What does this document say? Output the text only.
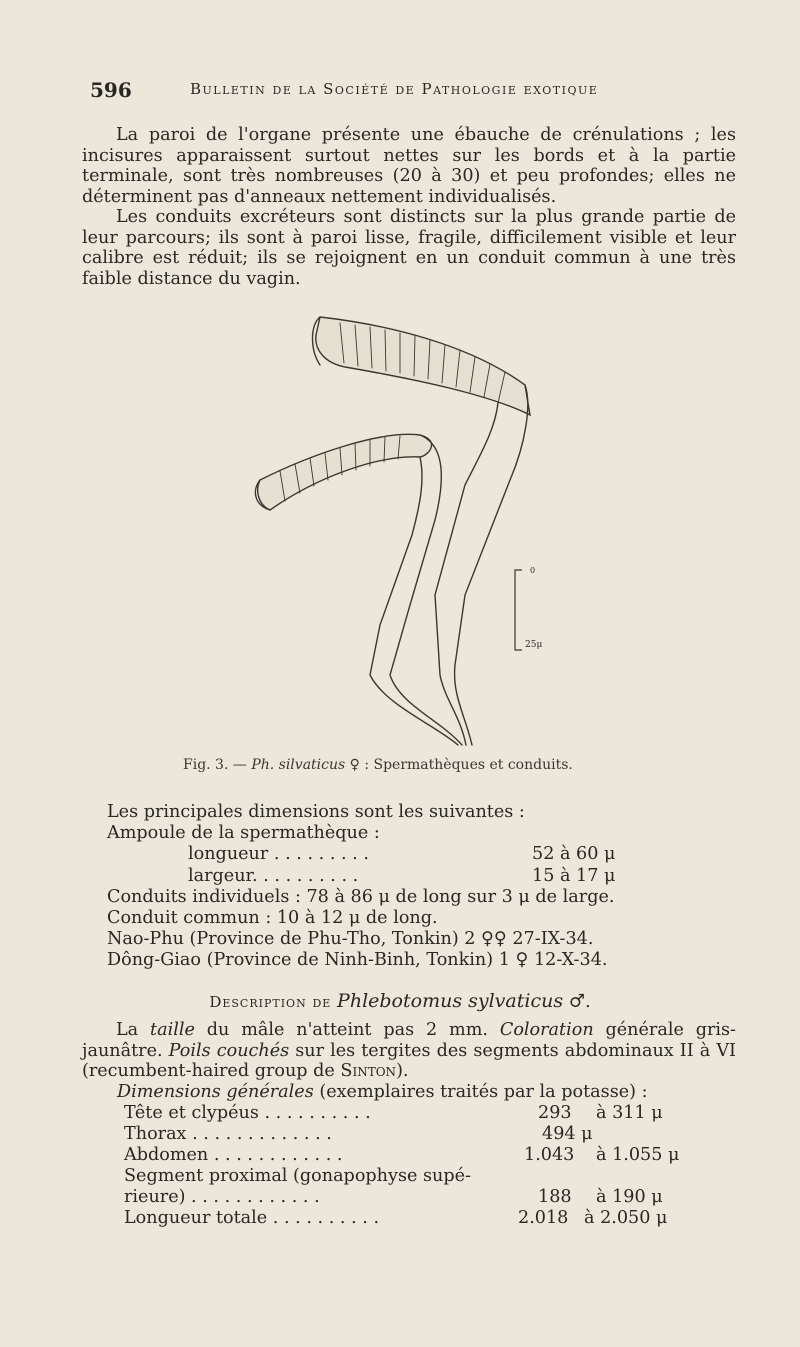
596	Bulletin de la Société de Pathologie exotique

La paroi de l'organe présente une ébauche de crénulations ; les incisures apparaissent surtout nettes sur les bords et à la partie terminale, sont très nombreuses (20 à 30) et peu profondes; elles ne déterminent pas d'anneaux nettement individualisés.

Les conduits excréteurs sont distincts sur la plus grande partie de leur parcours; ils sont à paroi lisse, fragile, difficilement visible et leur calibre est réduit; ils se rejoignent en un conduit commun à une très faible distance du vagin.

0
25μ
Fig. 3. — Ph. silvaticus ♀ : Spermathèques et conduits.
Les principales dimensions sont les suivantes :
Ampoule de la spermathèque :
longueur . . . . . . . . .	52 à 60 μ
largeur. . . . . . . . . .	15 à 17 μ
Conduits individuels : 78 à 86 μ de long sur 3 μ de large.
Conduit commun : 10 à 12 μ de long.
Nao-Phu (Province de Phu-Tho, Tonkin) 2 ♀♀ 27-IX-34.
Dông-Giao (Province de Ninh-Binh, Tonkin) 1 ♀ 12-X-34.
Description de Phlebotomus sylvaticus ♂.

La taille du mâle n'atteint pas 2 mm. Coloration générale gris-jaunâtre. Poils couchés sur les tergites des segments abdominaux II à VI (recumbent-haired group de Sinton).

Dimensions générales (exemplaires traités par la potasse) :
Tête et clypéus . . . . . . . . . .	293 à 311 μ
Thorax . . . . . . . . . . . . .	494 μ
Abdomen . . . . . . . . . . . .	1.043 à 1.055 μ
Segment proximal (gonapophyse supé-
rieure) . . . . . . . . . . . .	188 à 190 μ
Longueur totale . . . . . . . . . .	2.018 à 2.050 μ
